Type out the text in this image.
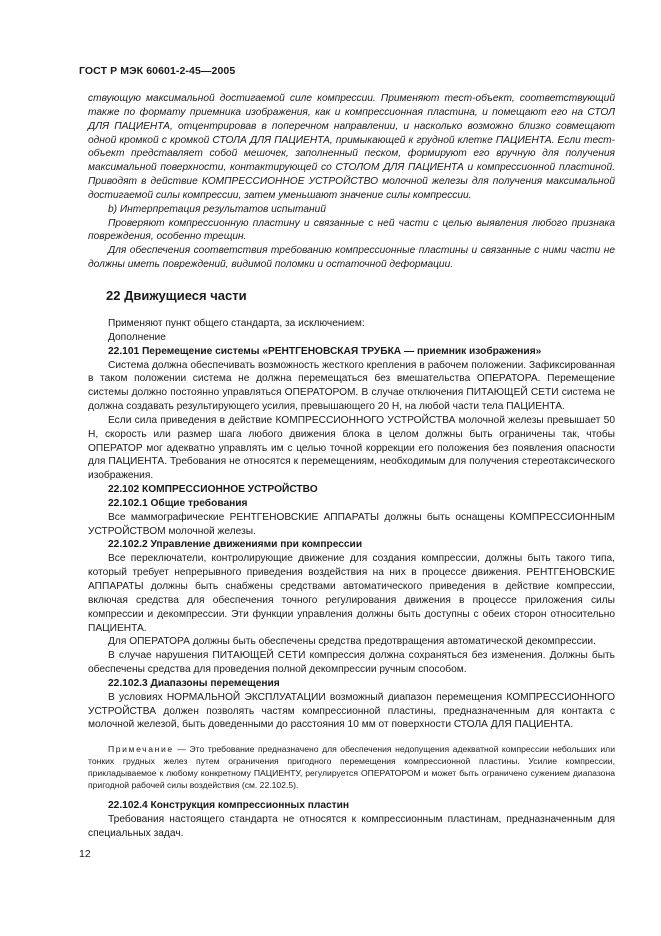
ГОСТ Р МЭК 60601-2-45—2005

ствующую максимальной достигаемой силе компрессии. Применяют тест-объект, соответствующий также по формату приемника изображения, как и компрессионная пластина, и помещают его на СТОЛ ДЛЯ ПАЦИЕНТА, отцентрировав в поперечном направлении, и насколько возможно близко совмещают одной кромкой с кромкой СТОЛА ДЛЯ ПАЦИЕНТА, примыкающей к грудной клетке ПАЦИЕНТА. Если тест-объект представляет собой мешочек, заполненный песком, формируют его вручную для получения максимальной поверхности, контактирующей со СТОЛОМ ДЛЯ ПАЦИЕНТА и компрессионной пластиной. Приводят в действие КОМПРЕССИОННОЕ УСТРОЙСТВО молочной железы для получения максимальной достигаемой силы компрессии, затем уменьшают значение силы компрессии.

b) Интерпретация результатов испытаний

Проверяют компрессионную пластину и связанные с ней части с целью выявления любого признака повреждения, особенно трещин.

Для обеспечения соответствия требованию компрессионные пластины и связанные с ними части не должны иметь повреждений, видимой поломки и остаточной деформации.

22 Движущиеся части

Применяют пункт общего стандарта, за исключением:

Дополнение

22.101 Перемещение системы «РЕНТГЕНОВСКАЯ ТРУБКА — приемник изображения»

Система должна обеспечивать возможность жесткого крепления в рабочем положении. Зафиксированная в таком положении система не должна перемещаться без вмешательства ОПЕРАТОРА. Перемещение системы должно постоянно управляться ОПЕРАТОРОМ. В случае отключения ПИТАЮЩЕЙ СЕТИ система не должна создавать результирующего усилия, превышающего 20 Н, на любой части тела ПАЦИЕНТА.

Если сила приведения в действие КОМПРЕССИОННОГО УСТРОЙСТВА молочной железы превышает 50 Н, скорость или размер шага любого движения блока в целом должны быть ограничены так, чтобы ОПЕРАТОР мог адекватно управлять им с целью точной коррекции его положения без появления опасности для ПАЦИЕНТА. Требования не относятся к перемещениям, необходимым для получения стереотаксического изображения.

22.102 КОМПРЕССИОННОЕ УСТРОЙСТВО

22.102.1 Общие требования

Все маммографические РЕНТГЕНОВСКИЕ АППАРАТЫ должны быть оснащены КОМПРЕССИОННЫМ УСТРОЙСТВОМ молочной железы.

22.102.2 Управление движениями при компрессии

Все переключатели, контролирующие движение для создания компрессии, должны быть такого типа, который требует непрерывного приведения воздействия на них в процессе движения. РЕНТГЕНОВСКИЕ АППАРАТЫ должны быть снабжены средствами автоматического приведения в действие компрессии, включая средства для обеспечения точного регулирования движения в процессе приложения силы компрессии и декомпрессии. Эти функции управления должны быть доступны с обеих сторон относительно ПАЦИЕНТА.

Для ОПЕРАТОРА должны быть обеспечены средства предотвращения автоматической декомпрессии.

В случае нарушения ПИТАЮЩЕЙ СЕТИ компрессия должна сохраняться без изменения. Должны быть обеспечены средства для проведения полной декомпрессии ручным способом.

22.102.3 Диапазоны перемещения

В условиях НОРМАЛЬНОЙ ЭКСПЛУАТАЦИИ возможный диапазон перемещения КОМПРЕССИОННОГО УСТРОЙСТВА должен позволять частям компрессионной пластины, предназначенным для контакта с молочной железой, быть доведенными до расстояния 10 мм от поверхности СТОЛА ДЛЯ ПАЦИЕНТА.

Примечание — Это требование предназначено для обеспечения недопущения адекватной компрессии небольших или тонких грудных желез путем ограничения пригодного перемещения компрессионной пластины. Усилие компрессии, прикладываемое к любому конкретному ПАЦИЕНТУ, регулируется ОПЕРАТОРОМ и может быть ограничено сужением диапазона пригодной рабочей силы воздействия (см. 22.102.5).

22.102.4 Конструкция компрессионных пластин

Требования настоящего стандарта не относятся к компрессионным пластинам, предназначенным для специальных задач.

12
